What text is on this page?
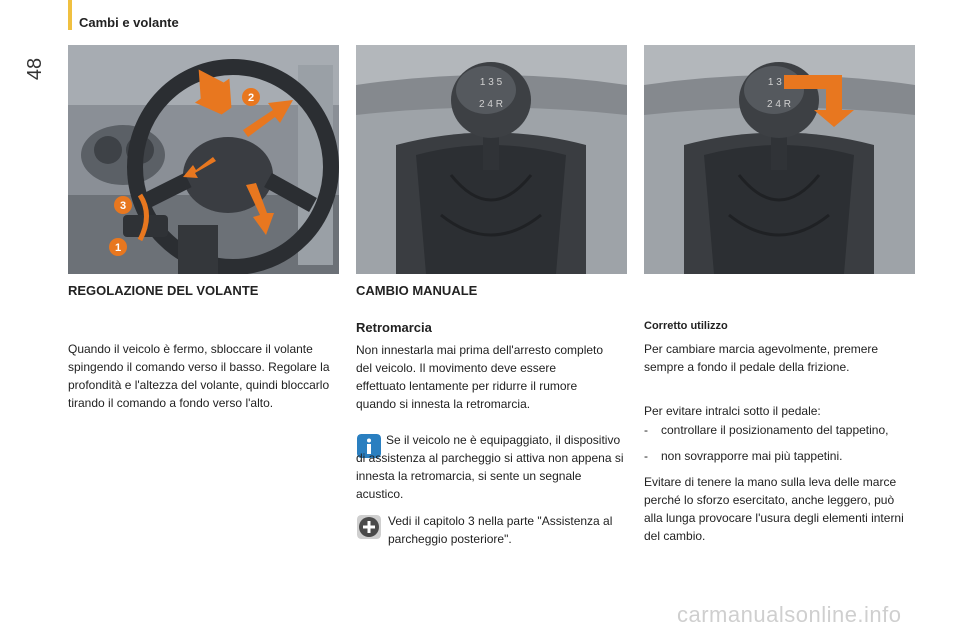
48
Cambi e volante
2
3
1
1 3 5
2 4 R
1 3
2 4 R
REGOLAZIONE DEL VOLANTE
Quando il veicolo è fermo, sbloccare il volante spingendo il comando verso il basso. Regolare la profondità e l'altezza del volante, quindi bloccarlo tirando il comando a fondo verso l'alto.
CAMBIO MANUALE
Retromarcia
Non innestarla mai prima dell'arresto completo del veicolo. Il movimento deve essere effettuato lentamente per ridurre il rumore quando si innesta la retromarcia.
Se il veicolo ne è equipaggiato, il dispositivo di assistenza al parcheggio si attiva non appena si innesta la retromarcia, si sente un segnale acustico.
Vedi il capitolo 3 nella parte "Assistenza al parcheggio posteriore".
Corretto utilizzo
Per cambiare marcia agevolmente, premere sempre a fondo il pedale della frizione.
Per evitare intralci sotto il pedale:
- controllare il posizionamento del tappetino,
- non sovrapporre mai più tappetini.
Evitare di tenere la mano sulla leva delle marce perché lo sforzo esercitato, anche leggero, può alla lunga provocare l'usura degli elementi interni del cambio.
carmanualsonline.info
